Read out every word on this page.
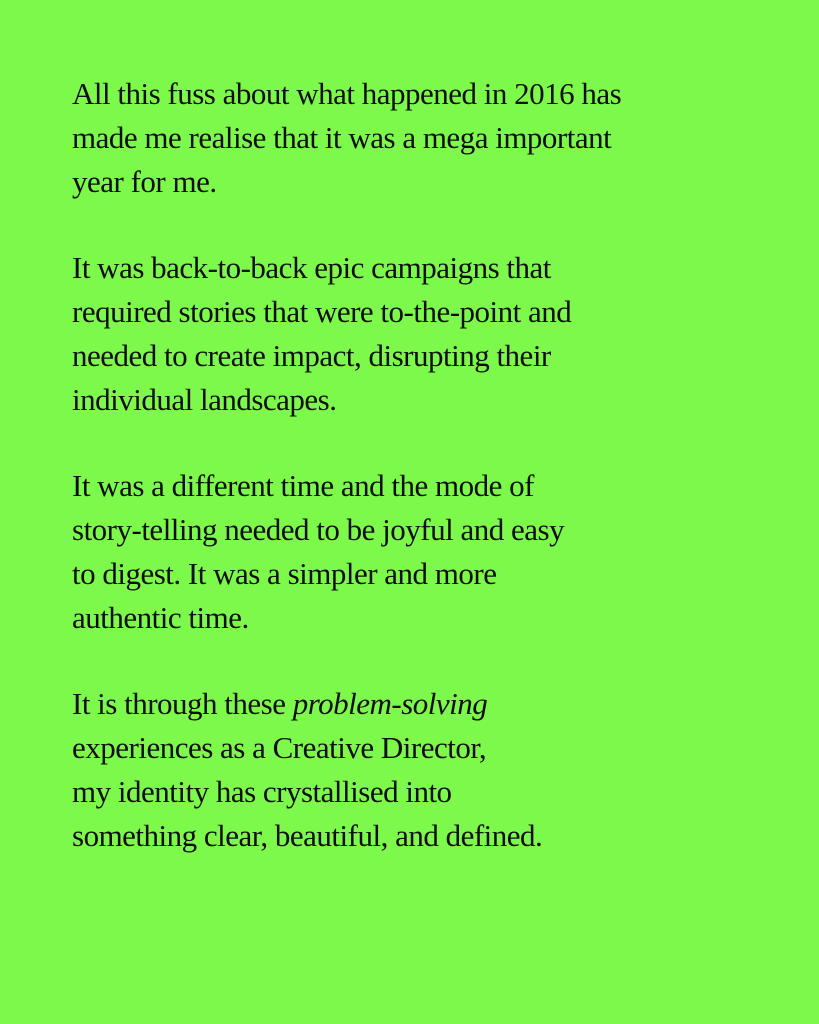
All this fuss about what happened in 2016 has
made me realise that it was a mega important
year for me.

It was back-to-back epic campaigns that
required stories that were to-the-point and
needed to create impact, disrupting their
individual landscapes.

It was a different time and the mode of
story-telling needed to be joyful and easy
to digest. It was a simpler and more
authentic time.

It is through these problem-solving
experiences as a Creative Director,
my identity has crystallised into
something clear, beautiful, and defined.
